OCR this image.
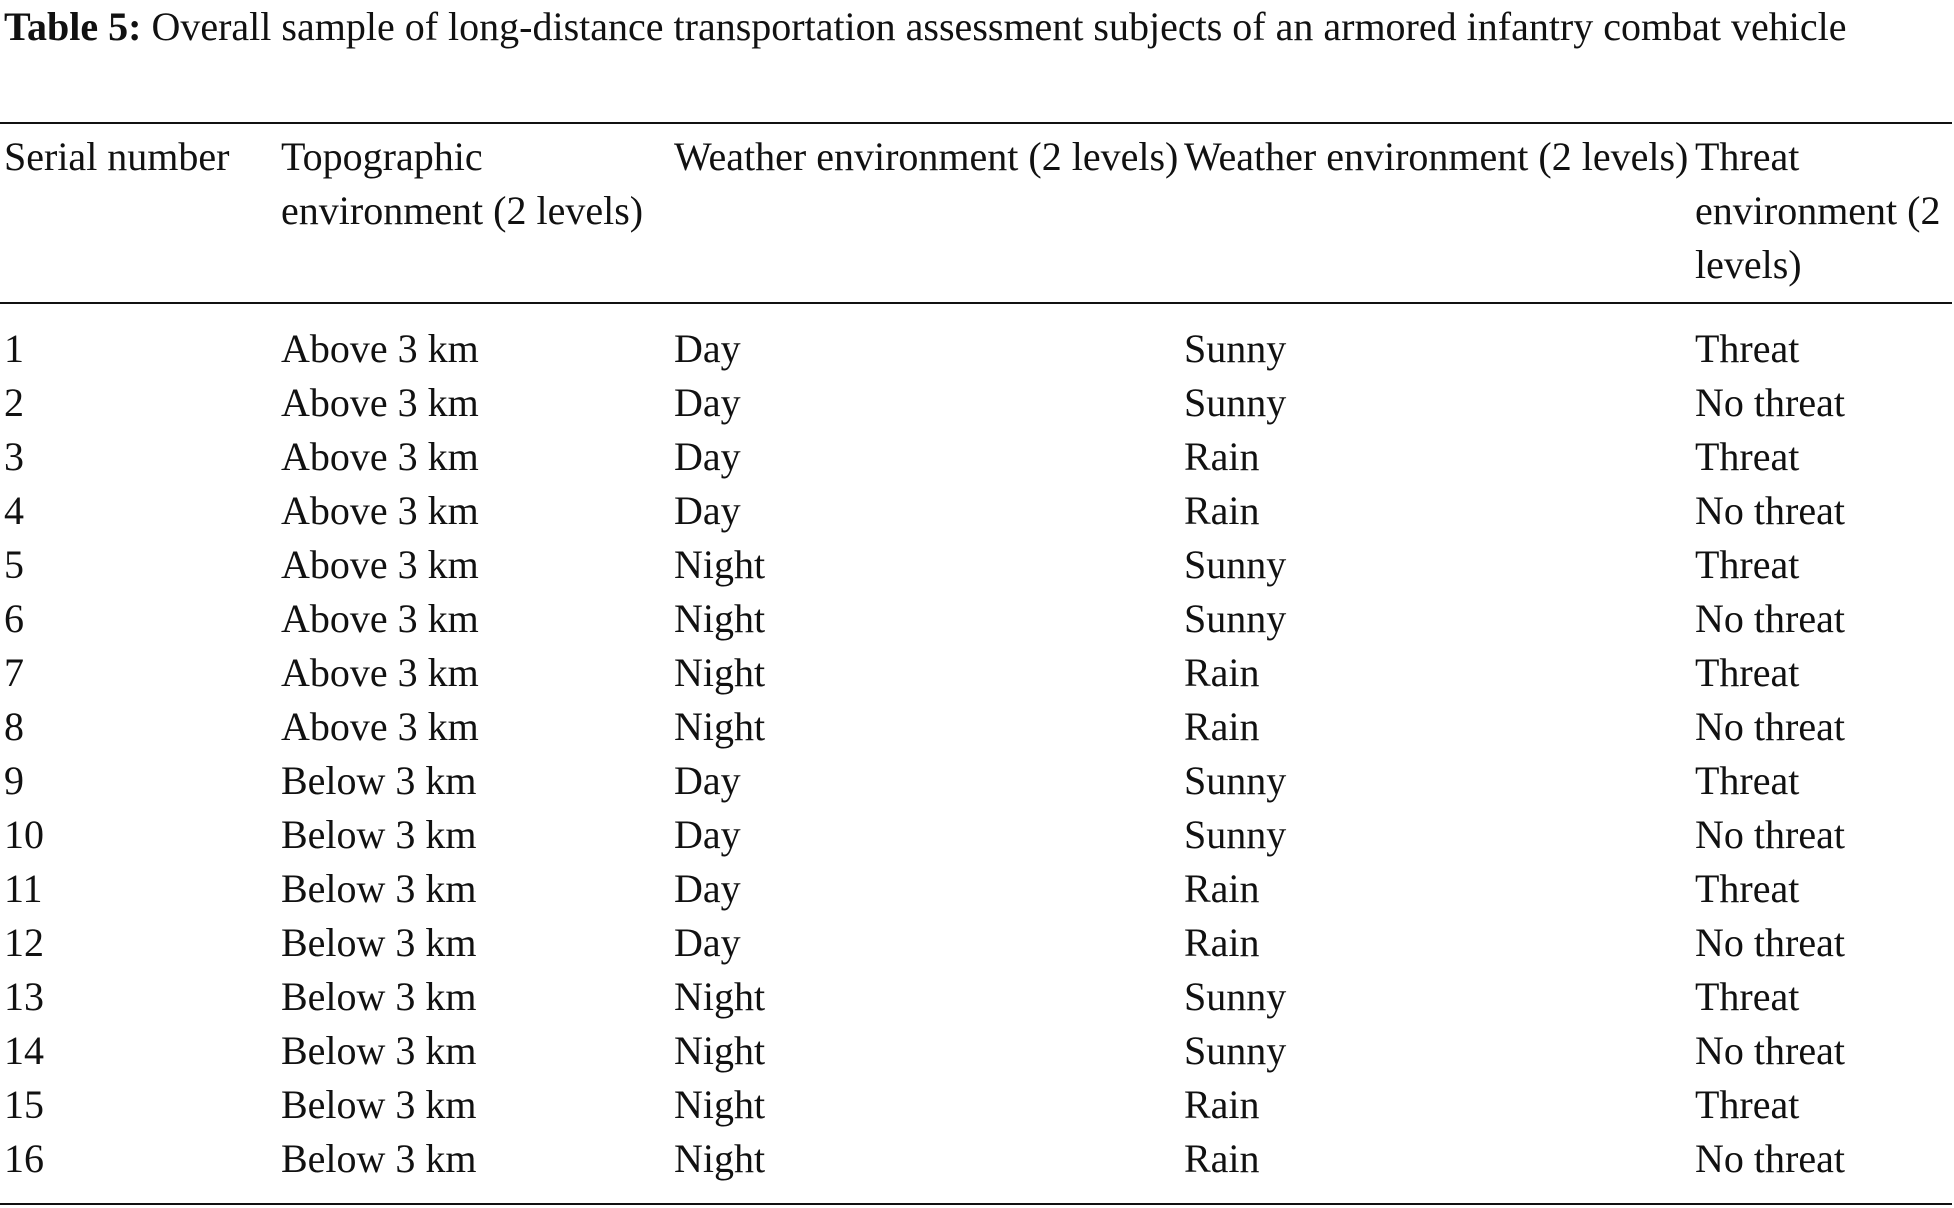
Table 5: Overall sample of long-distance transportation assessment subjects of an armored infantry combat vehicle

Serial number	Topographic environment (2 levels)	Weather environment (2 levels)	Weather environment (2 levels)	Threat environment (2 levels)
1	Above 3 km	Day	Sunny	Threat
2	Above 3 km	Day	Sunny	No threat
3	Above 3 km	Day	Rain	Threat
4	Above 3 km	Day	Rain	No threat
5	Above 3 km	Night	Sunny	Threat
6	Above 3 km	Night	Sunny	No threat
7	Above 3 km	Night	Rain	Threat
8	Above 3 km	Night	Rain	No threat
9	Below 3 km	Day	Sunny	Threat
10	Below 3 km	Day	Sunny	No threat
11	Below 3 km	Day	Rain	Threat
12	Below 3 km	Day	Rain	No threat
13	Below 3 km	Night	Sunny	Threat
14	Below 3 km	Night	Sunny	No threat
15	Below 3 km	Night	Rain	Threat
16	Below 3 km	Night	Rain	No threat
